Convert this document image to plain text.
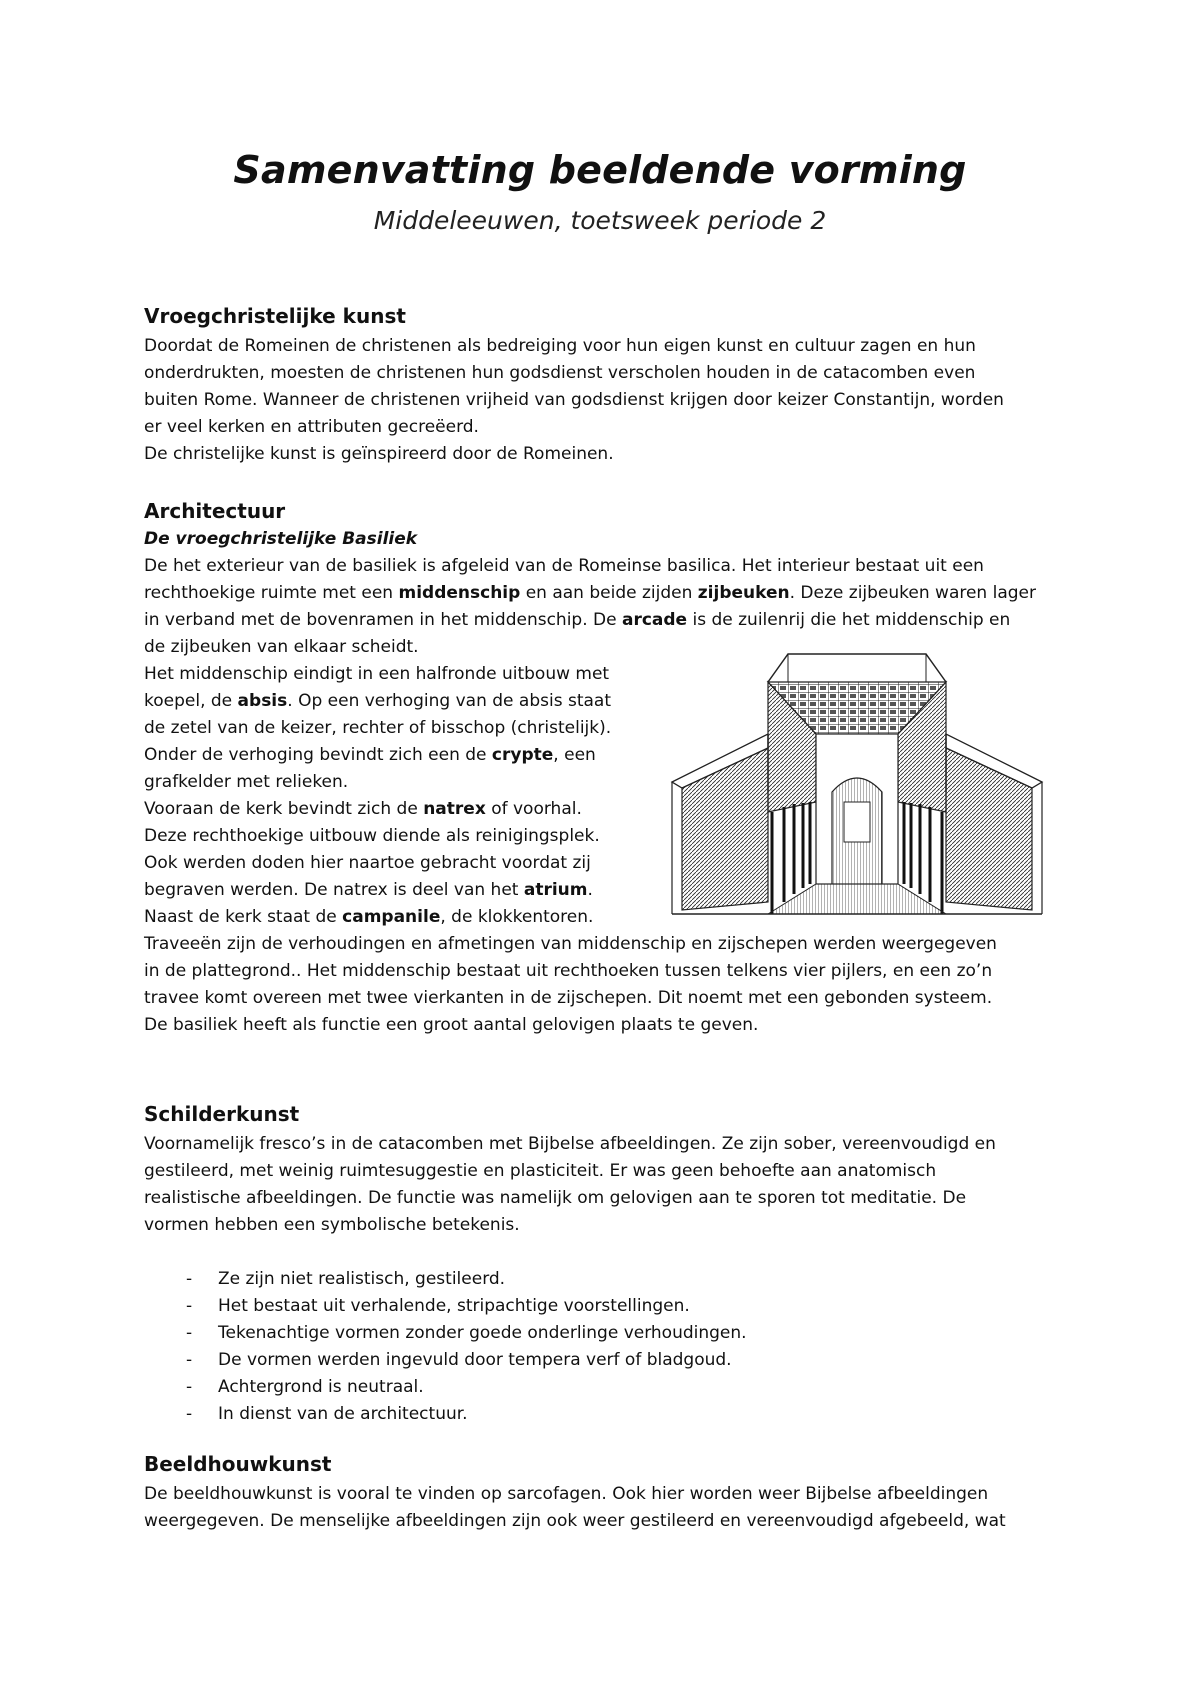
Samenvatting beeldende vorming
Middeleeuwen, toetsweek periode 2
Vroegchristelijke kunst
Doordat de Romeinen de christenen als bedreiging voor hun eigen kunst en cultuur zagen en hun
onderdrukten, moesten de christenen hun godsdienst verscholen houden in de catacomben even
buiten Rome. Wanneer de christenen vrijheid van godsdienst krijgen door keizer Constantijn, worden
er veel kerken en attributen gecreëerd.
De christelijke kunst is geïnspireerd door de Romeinen.
Architectuur
De vroegchristelijke Basiliek
De het exterieur van de basiliek is afgeleid van de Romeinse basilica. Het interieur bestaat uit een
rechthoekige ruimte met een middenschip en aan beide zijden zijbeuken. Deze zijbeuken waren lager
in verband met de bovenramen in het middenschip. De arcade is de zuilenrij die het middenschip en
de zijbeuken van elkaar scheidt.
Het middenschip eindigt in een halfronde uitbouw met
koepel, de absis. Op een verhoging van de absis staat
de zetel van de keizer, rechter of bisschop (christelijk).
Onder de verhoging bevindt zich een de crypte, een
grafkelder met relieken.
Vooraan de kerk bevindt zich de natrex of voorhal.
Deze rechthoekige uitbouw diende als reinigingsplek.
Ook werden doden hier naartoe gebracht voordat zij
begraven werden. De natrex is deel van het atrium.
Naast de kerk staat de campanile, de klokkentoren.
Traveeën zijn de verhoudingen en afmetingen van middenschip en zijschepen werden weergegeven
in de plattegrond.. Het middenschip bestaat uit rechthoeken tussen telkens vier pijlers, en een zo’n
travee komt overeen met twee vierkanten in de zijschepen. Dit noemt met een gebonden systeem.
De basiliek heeft als functie een groot aantal gelovigen plaats te geven.
Schilderkunst
Voornamelijk fresco’s in de catacomben met Bijbelse afbeeldingen. Ze zijn sober, vereenvoudigd en
gestileerd, met weinig ruimtesuggestie en plasticiteit. Er was geen behoefte aan anatomisch
realistische afbeeldingen. De functie was namelijk om gelovigen aan te sporen tot meditatie. De
vormen hebben een symbolische betekenis.
- Ze zijn niet realistisch, gestileerd.
- Het bestaat uit verhalende, stripachtige voorstellingen.
- Tekenachtige vormen zonder goede onderlinge verhoudingen.
- De vormen werden ingevuld door tempera verf of bladgoud.
- Achtergrond is neutraal.
- In dienst van de architectuur.
Beeldhouwkunst
De beeldhouwkunst is vooral te vinden op sarcofagen. Ook hier worden weer Bijbelse afbeeldingen
weergegeven. De menselijke afbeeldingen zijn ook weer gestileerd en vereenvoudigd afgebeeld, wat
